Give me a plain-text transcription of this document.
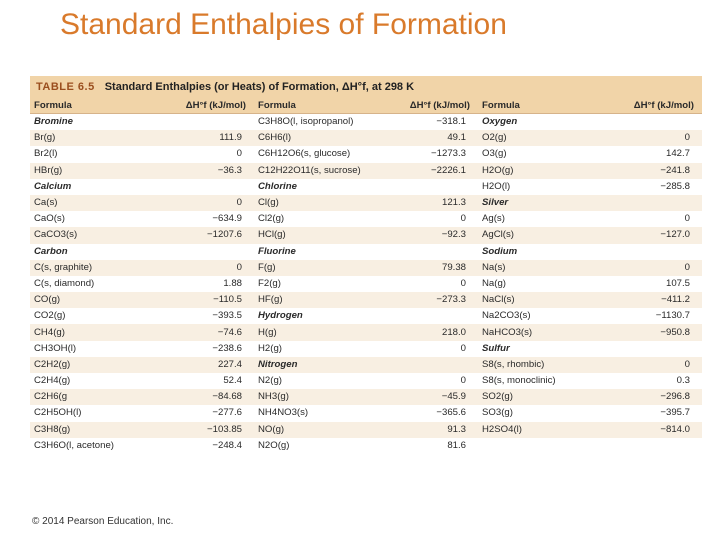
Standard Enthalpies of Formation
TABLE 6.5 Standard Enthalpies (or Heats) of Formation, ΔH°f, at 298 K
Formula	ΔH°f (kJ/mol)	Formula	ΔH°f (kJ/mol)	Formula	ΔH°f (kJ/mol)
Bromine		C3H8O(l, isopropanol)	−318.1	Oxygen	
Br(g)	111.9	C6H6(l)	49.1	O2(g)	0
Br2(l)	0	C6H12O6(s, glucose)	−1273.3	O3(g)	142.7
HBr(g)	−36.3	C12H22O11(s, sucrose)	−2226.1	H2O(g)	−241.8
Calcium		Chlorine		H2O(l)	−285.8
Ca(s)	0	Cl(g)	121.3	Silver	
CaO(s)	−634.9	Cl2(g)	0	Ag(s)	0
CaCO3(s)	−1207.6	HCl(g)	−92.3	AgCl(s)	−127.0
Carbon		Fluorine		Sodium	
C(s, graphite)	0	F(g)	79.38	Na(s)	0
C(s, diamond)	1.88	F2(g)	0	Na(g)	107.5
CO(g)	−110.5	HF(g)	−273.3	NaCl(s)	−411.2
CO2(g)	−393.5	Hydrogen		Na2CO3(s)	−1130.7
CH4(g)	−74.6	H(g)	218.0	NaHCO3(s)	−950.8
CH3OH(l)	−238.6	H2(g)	0	Sulfur	
C2H2(g)	227.4	Nitrogen		S8(s, rhombic)	0
C2H4(g)	52.4	N2(g)	0	S8(s, monoclinic)	0.3
C2H6(g	−84.68	NH3(g)	−45.9	SO2(g)	−296.8
C2H5OH(l)	−277.6	NH4NO3(s)	−365.6	SO3(g)	−395.7
C3H8(g)	−103.85	NO(g)	91.3	H2SO4(l)	−814.0
C3H6O(l, acetone)	−248.4	N2O(g)	81.6		
© 2014 Pearson Education, Inc.
